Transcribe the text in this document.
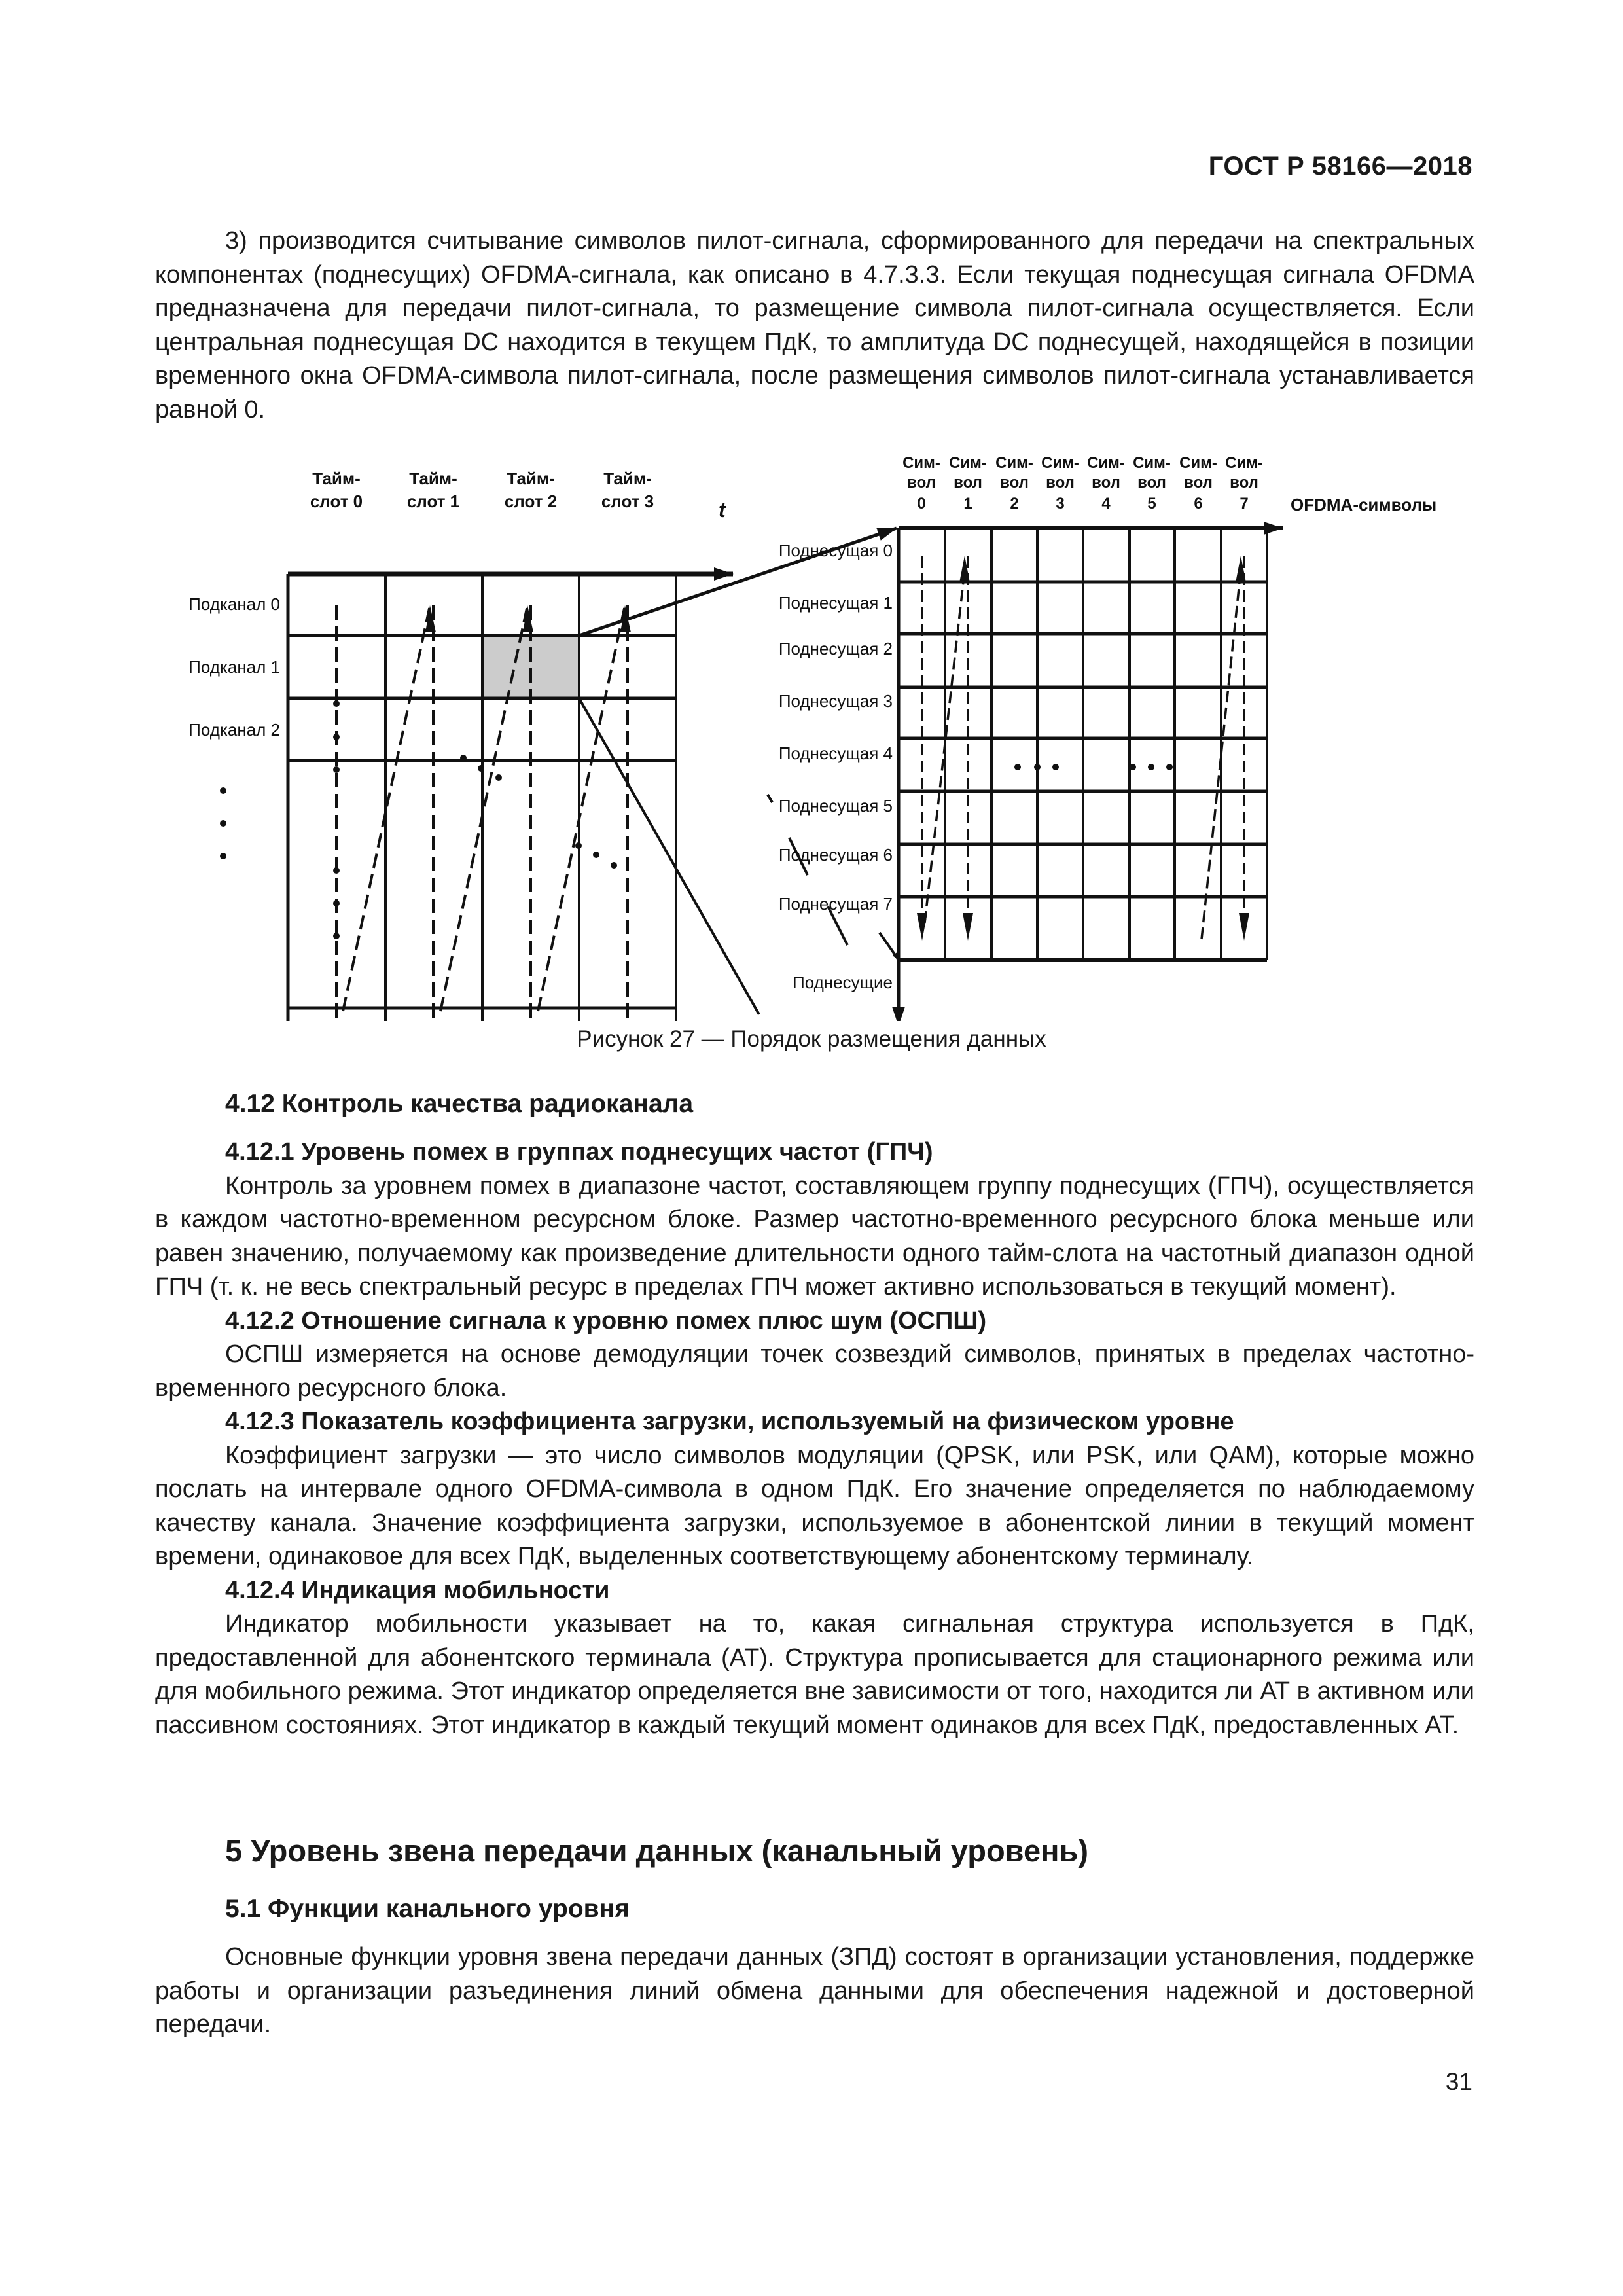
ГОСТ Р 58166—2018

3) производится считывание символов пилот-сигнала, сформированного для передачи на спектральных компонентах (поднесущих) OFDMA-сигнала, как описано в 4.7.3.3. Если текущая поднесущая сигнала OFDMA предназначена для передачи пилот-сигнала, то размещение символа пилот-сигнала осуществляется. Если центральная поднесущая DC находится в текущем ПдК, то амплитуда DC поднесущей, находящейся в позиции временного окна OFDMA-символа пилот-сигнала, после размещения символов пилот-сигнала устанавливается равной 0.

Тайм-
слот 0
Тайм-
слот 1
Тайм-
слот 2
Тайм-
слот 3	t
Подканал 0
Подканал 1
Подканал 2
Сим-
вол
0
Сим-
вол
1
Сим-
вол
2
Сим-
вол
3
Сим-
вол
4
Сим-
вол
5
Сим-
вол
6
Сим-
вол
7 OFDMA-символы
Поднесущие
Поднесущая 0
Поднесущая 1
Поднесущая 2
Поднесущая 3
Поднесущая 4
Поднесущая 5
Поднесущая 6
Поднесущая 7
Рисунок 27 — Порядок размещения данных
4.12 Контроль качества радиоканала

4.12.1 Уровень помех в группах поднесущих частот (ГПЧ)

Контроль за уровнем помех в диапазоне частот, составляющем группу поднесущих (ГПЧ), осуществляется в каждом частотно-временном ресурсном блоке. Размер частотно-временного ресурсного блока меньше или равен значению, получаемому как произведение длительности одного тайм-слота на частотный диапазон одной ГПЧ (т. к. не весь спектральный ресурс в пределах ГПЧ может активно использоваться в текущий момент).

4.12.2 Отношение сигнала к уровню помех плюс шум (ОСПШ)

ОСПШ измеряется на основе демодуляции точек созвездий символов, принятых в пределах частотно-временного ресурсного блока.

4.12.3 Показатель коэффициента загрузки, используемый на физическом уровне

Коэффициент загрузки — это число символов модуляции (QPSK, или PSK, или QAM), которые можно послать на интервале одного OFDMA-символа в одном ПдК. Его значение определяется по наблюдаемому качеству канала. Значение коэффициента загрузки, используемое в абонентской линии в текущий момент времени, одинаковое для всех ПдК, выделенных соответствующему абонентскому терминалу.

4.12.4 Индикация мобильности

Индикатор мобильности указывает на то, какая сигнальная структура используется в ПдК, предоставленной для абонентского терминала (АТ). Структура прописывается для стационарного режима или для мобильного режима. Этот индикатор определяется вне зависимости от того, находится ли АТ в активном или пассивном состояниях. Этот индикатор в каждый текущий момент одинаков для всех ПдК, предоставленных АТ.

5 Уровень звена передачи данных (канальный уровень)
5.1 Функции канального уровня

Основные функции уровня звена передачи данных (ЗПД) состоят в организации установления, поддержке работы и организации разъединения линий обмена данными для обеспечения надежной и достоверной передачи.

31
